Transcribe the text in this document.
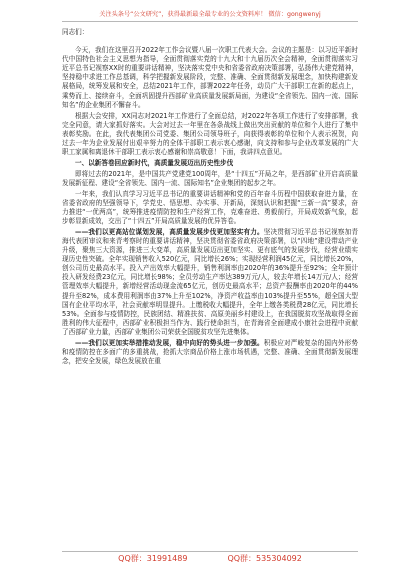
关注头条号“公文研究”，获得最新最全最专业的公文资料库！ 微信：gongwenyj

同志们：

今天，我们在这里召开2022年工作会议暨八届一次职工代表大会。会议的主题是：以习近平新时代中国特色社会主义思想为指导，全面贯彻落实党的十九大和十九届历次全会精神，全面贯彻落实习近平总书记视察XX时的重要讲话精神，坚决落实党中央和省委省政府决策部署，弘扬伟大建党精神，坚持稳中求进工作总基调，科学把握新发展阶段，完整、准确、全面贯彻新发展理念，加快构建新发展格局，统筹发展和安全，总结2021年工作，部署2022年任务，动员广大干部职工在新的起点上，乘势而上、接续奋斗，全面巩固提升西部矿业高质量发展新局面，为建设“全省领先、国内一流、国际知名”的企业集团不懈奋斗。

根据大会安排，XX同志对2021年工作进行了全面总结，对2022年各项工作进行了安排部署，我完全同意，请大家抓好落实。大会对过去一年里在各条战线上做出突出贡献的单位和个人进行了集中表彰奖励。在此，我代表集团公司党委、集团公司领导班子，向获得表彰的单位和个人表示祝贺，向过去一年为企业发展付出艰辛努力的全体干部职工表示衷心感谢，向支持和参与企业改革发展的广大职工家属和离退休干部职工表示衷心感谢和崇高敬意！下面，我讲四点意见。

一、以新答卷回应新时代，高质量发展迈出历史性步伐

即将过去的2021年，是中国共产党建党100周年，是“十四五”开局之年，是西部矿业开启高质量发展新征程、建设“全省领先、国内一流、国际知名”企业集团的起步之年。

一年来，我们认真学习习近平总书记的重要讲话精神和党的百年奋斗历程中国获取奋进力量，在省委省政府的坚强领导下，学党史、悟思想、办实事、开新局，深刻认识和把握“三新一高”要求，奋力推进“一优两高”，统筹推进疫情防控和生产经营工作，克难奋进、勇毅前行，开局成效新气象，起步彰显新成效，交出了“十四五”开局高质量发展的优异答卷。

——我们以更高站位谋划发展，高质量发展步伐更加坚实有力。坚决贯彻习近平总书记视察加青海代表团审议和来青考察时的重要讲话精神，坚决贯彻省委省政府决策部署，以“四地”建设带动产业升级，聚焦三大资源，推进三大变革，高质量发展迈出更加坚实、更有底气的发展步伐，经营业绩实现历史性突破。全年实现销售收入520亿元，同比增长26%；实现经营利润45亿元，同比增长20%，创公司历史最高水平。投入产出效率大幅提升，销售利润率由2020年的36%提升至92%；全年预计投入研发经费23亿元，同比增长98%；全员劳动生产率达389万元/人，较去年增长14万元/人；经营管理效率大幅提升，新增经营活动现金流65亿元，创历史最高水平；总资产报酬率由2020年的44%提升至82%，成本费用利润率由37%上升至102%，净资产收益率由103%提升至55%，超全国大型国有企业平均水平，社会贡献率明显提升。上缴税收大幅提升，全年上缴各类税费28亿元，同比增长53%。全面参与疫情防控，民族团结、精准扶贫、高原美丽乡村建设上，在我国脱贫攻坚战取得全面胜利的伟大征程中，西部矿业积极担当作为、践行使命担当，在青海省全面建成小康社会进程中贡献了西部矿业力量，西部矿业集团公司荣获全国脱贫攻坚先进集体。

——我们以更加实举措推动发展，稳中向好的势头进一步加强。积极应对严峻复杂的国内外形势和疫情防控在多面广的多重挑战，抢抓大宗商品价格上涨市场机遇，完整、准确、全面贯彻新发展理念，把安全发展，绿色发展放在重

QQ群：31991489	QQ群：535304092
